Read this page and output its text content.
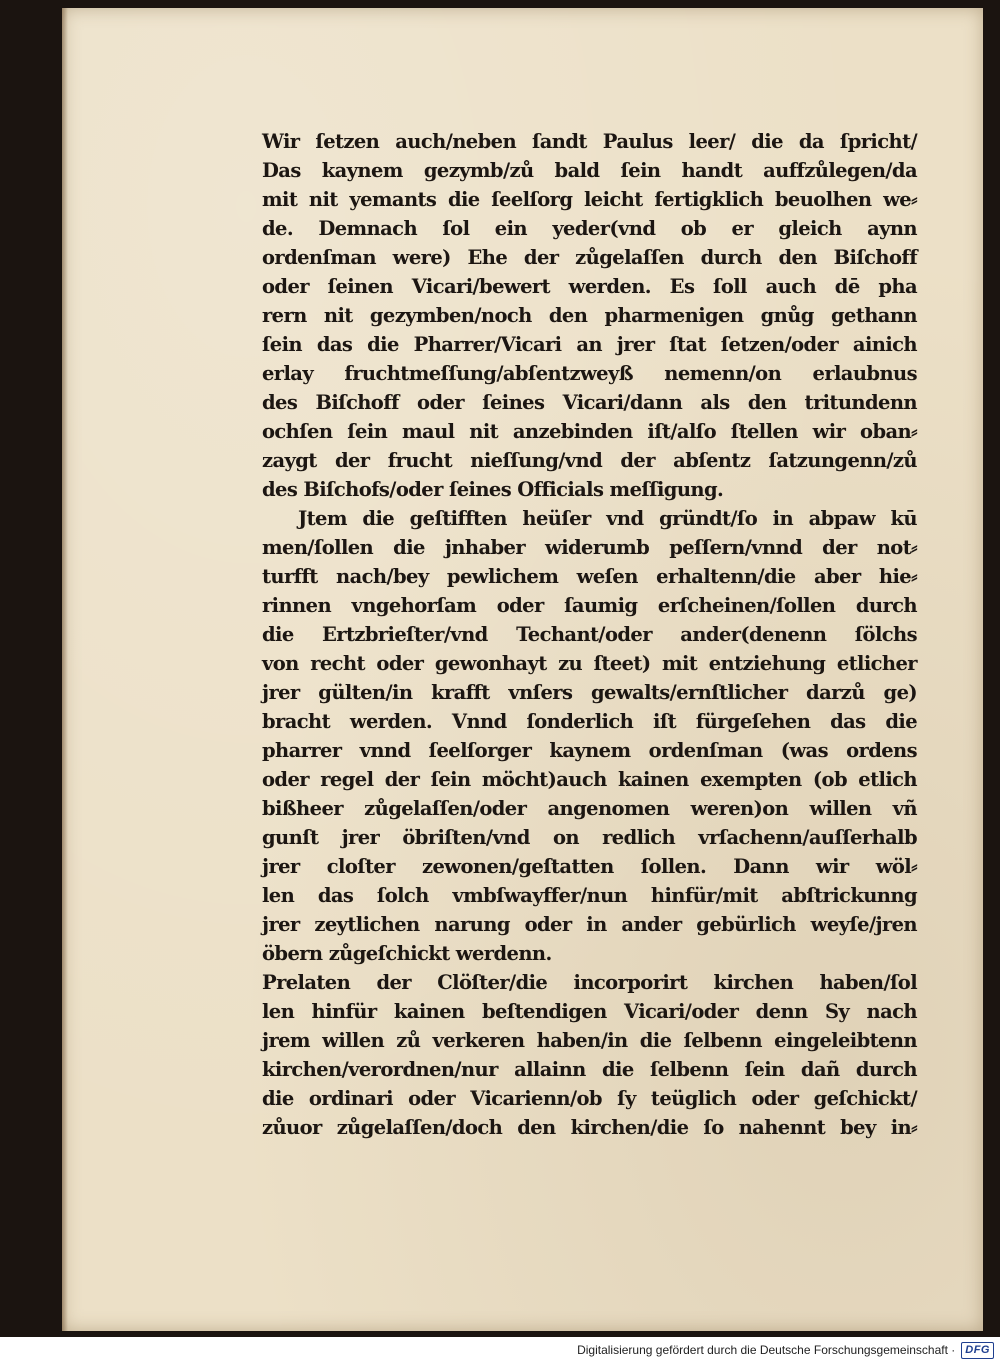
Wir ſetzen auch/neben ſandt Paulus leer/ die da ſpricht/
Das kaynem gezymb/zů bald ſein handt auffzůlegen/da
mit nit yemants die ſeelſorg leicht fertigklich beuolhen we⸗
de. Demnach ſol ein yeder(vnd ob er gleich aynn
ordenſman were) Ehe der zůgelaſſen durch den Biſchoff
oder ſeinen Vicari/bewert werden. Es ſoll auch dē pha
rern nit gezymben/noch den pharmenigen gnůg gethann
ſein das die Pharrer/Vicari an jrer ſtat ſetzen/oder ainich
erlay fruchtmeſſung/abſentzweyß nemenn/on erlaubnus
des Biſchoff oder ſeines Vicari/dann als den tritundenn
ochſen ſein maul nit anzebinden iſt/alſo ſtellen wir oban⸗
zaygt der frucht nieſſung/vnd der abſentz ſatzungenn/zů
des Biſchofs/oder ſeines Officials meſſigung.
Jtem die geſtifften heüſer vnd gründt/ſo in abpaw kū
men/ſollen die jnhaber widerumb peſſern/vnnd der not⸗
turfft nach/bey pewlichem weſen erhaltenn/die aber hie⸗
rinnen vngehorſam oder ſaumig erſcheinen/ſollen durch
die Ertzbrieſter/vnd Techant/oder ander(denenn ſölchs
von recht oder gewonhayt zu ſteet) mit entziehung etlicher
jrer gülten/in krafft vnſers gewalts/ernſtlicher darzů ge)
bracht werden. Vnnd ſonderlich iſt fürgeſehen das die
pharrer vnnd ſeelſorger kaynem ordenſman (was ordens
oder regel der ſein möcht)auch kainen exempten (ob etlich
bißheer zůgelaſſen/oder angenomen weren)on willen vñ
gunſt jrer öbriſten/vnd on redlich vrſachenn/auſſerhalb
jrer cloſter zewonen/geſtatten ſollen. Dann wir wöl⸗
len das ſolch vmbſwayffer/nun hinfür/mit abſtrickunng
jrer zeytlichen narung oder in ander gebürlich weyſe/jren
öbern zůgeſchickt werdenn.
Prelaten der Clöſter/die incorporirt kirchen haben/ſol
len hinfür kainen beſtendigen Vicari/oder denn Sy nach
jrem willen zů verkeren haben/in die ſelbenn eingeleibtenn
kirchen/verordnen/nur allainn die ſelbenn ſein dañ durch
die ordinari oder Vicarienn/ob ſy teüglich oder geſchickt/
zůuor zůgelaſſen/doch den kirchen/die ſo nahennt bey in⸗
Digitalisierung gefördert durch die Deutsche Forschungsgemeinschaft · DFG
